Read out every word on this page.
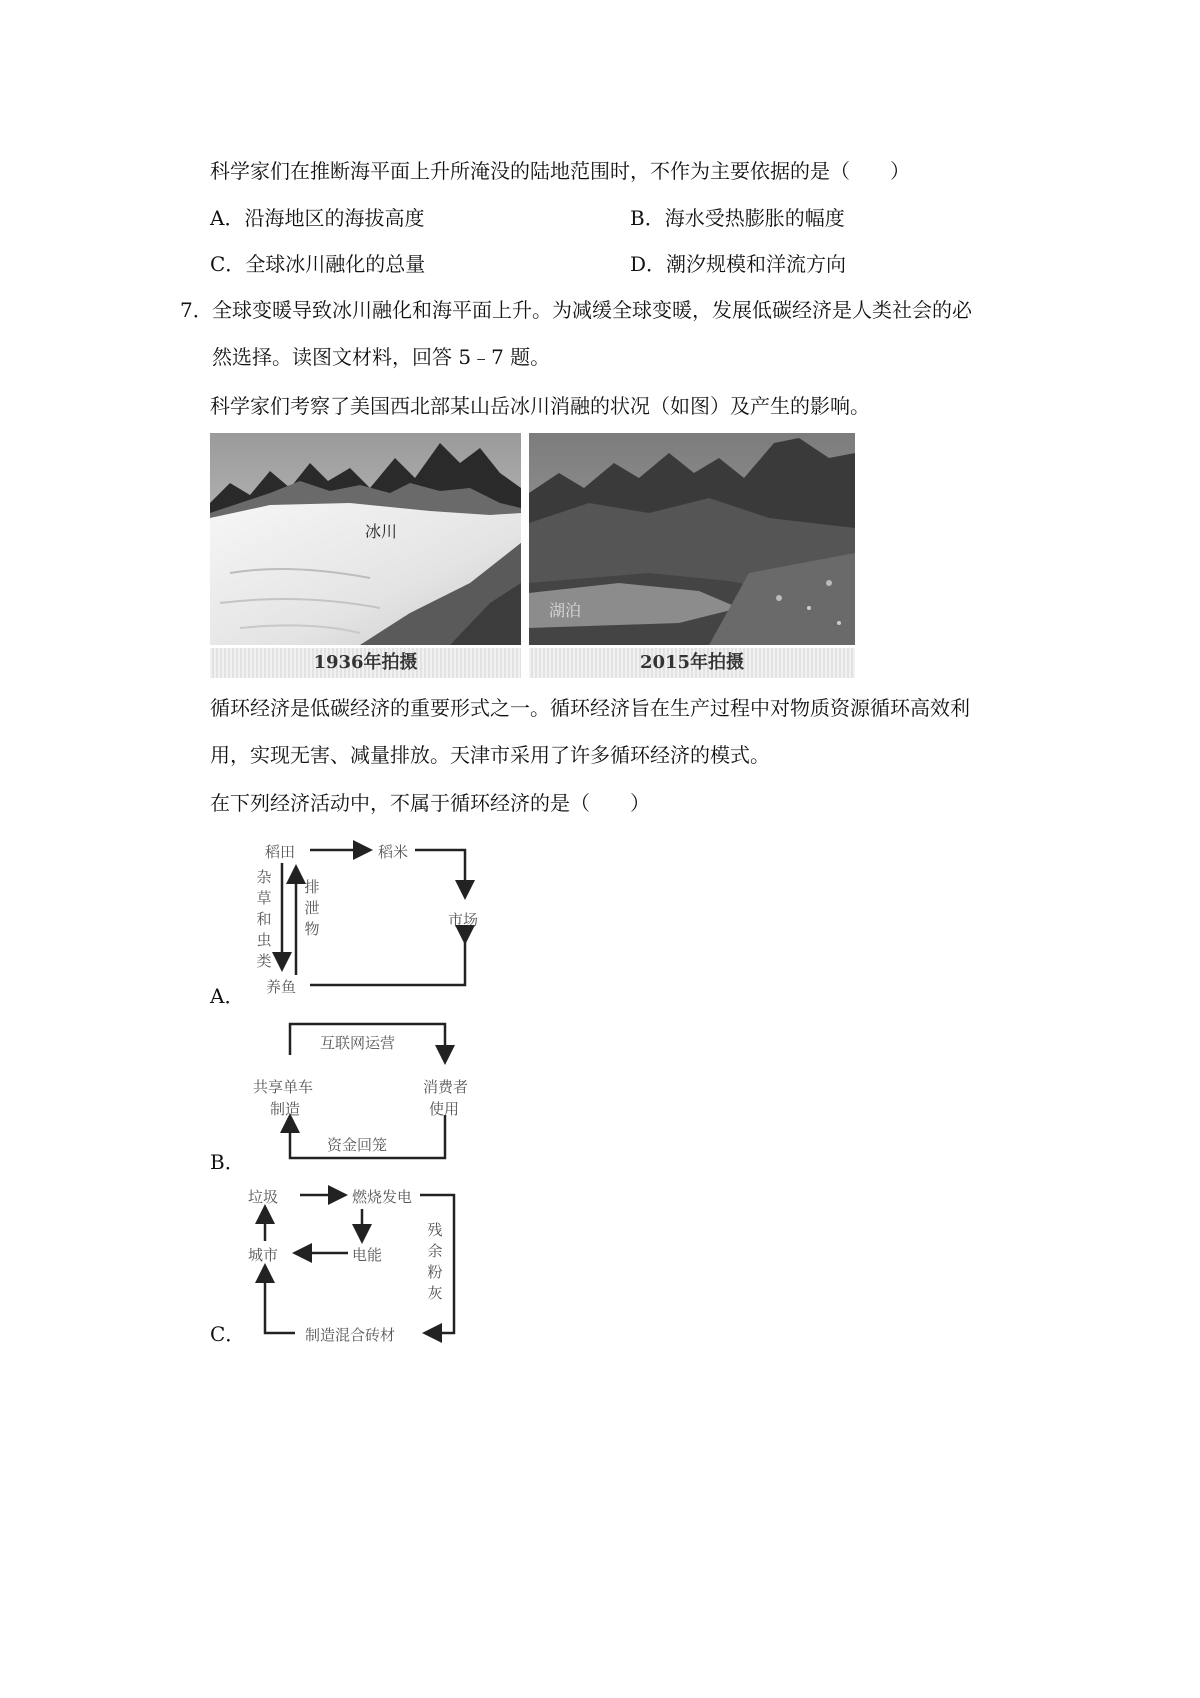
科学家们在推断海平面上升所淹没的陆地范围时，不作为主要依据的是（　　）
A．沿海地区的海拔高度	B．海水受热膨胀的幅度
C．全球冰川融化的总量	D．潮汐规模和洋流方向
7． 全球变暖导致冰川融化和海平面上升。为减缓全球变暖，发展低碳经济是人类社会的必
然选择。读图文材料，回答 5﹣7 题。
科学家们考察了美国西北部某山岳冰川消融的状况（如图）及产生的影响。
冰川
1936年拍摄
湖泊
2015年拍摄
循环经济是低碳经济的重要形式之一。循环经济旨在生产过程中对物质资源循环高效利
用，实现无害、减量排放。天津市采用了许多循环经济的模式。
在下列经济活动中，不属于循环经济的是（　　）
稻田	稻米
市场
养鱼
杂草和虫类
排泄物
A．
互联网运营
共享单车
制造
消费者
使用
资金回笼
B．
垃圾	燃烧发电
城市	电能
残余粉灰
制造混合砖材
C．
